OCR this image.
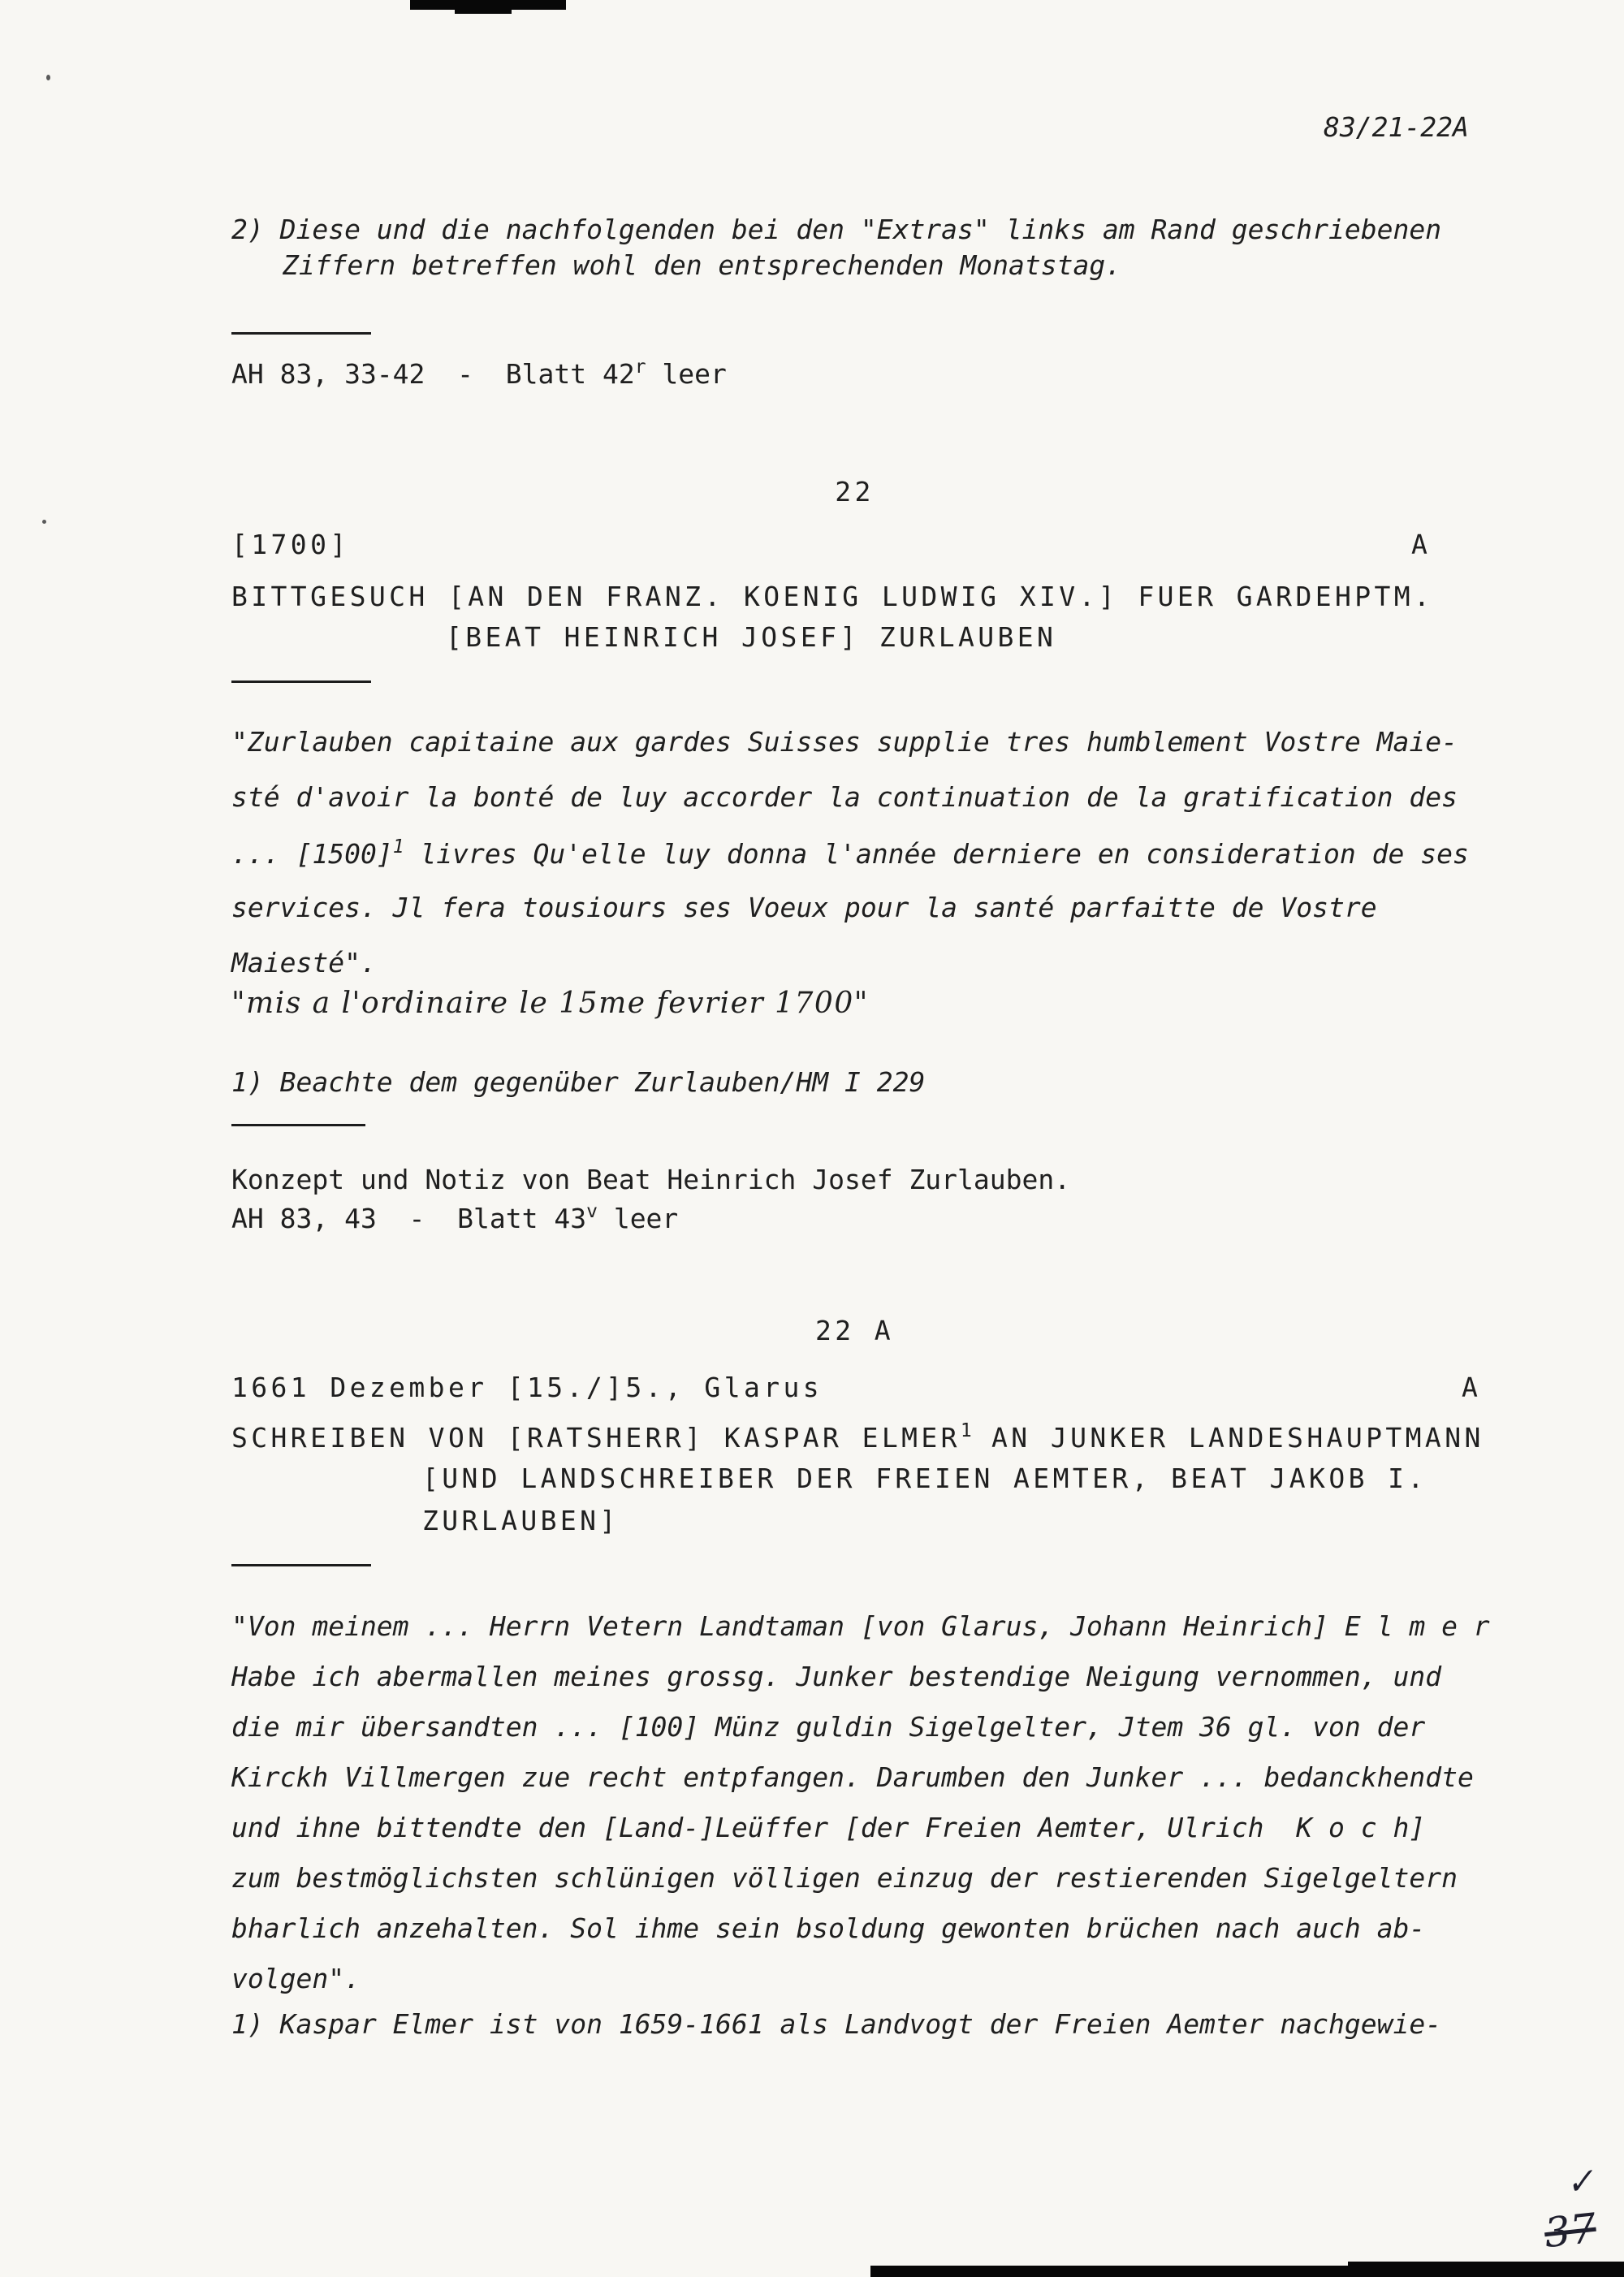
83/21-22A
2) Diese und die nachfolgenden bei den "Extras" links am Rand geschriebenen
Ziffern betreffen wohl den entsprechenden Monatstag.
AH 83, 33-42  -  Blatt 42$^r$ leer
22
[1700]	A
BITTGESUCH [AN DEN FRANZ. KOENIG LUDWIG XIV.] FUER GARDEHPTM.
[BEAT HEINRICH JOSEF] ZURLAUBEN
"Zurlauben capitaine aux gardes Suisses supplie tres humblement Vostre Maie-
sté d'avoir la bonté de luy accorder la continuation de la gratification des
... $[1500]^1$ livres Qu'elle luy donna l'année derniere en consideration de ses
services. Jl fera tousiours ses Voeux pour la santé parfaitte de Vostre
Maiesté".
"mis a l'ordinaire le 15me fevrier 1700"
1) Beachte dem gegenüber Zurlauben/HM I 229
Konzept und Notiz von Beat Heinrich Josef Zurlauben.
AH 83, 43  -  Blatt 43$^v$ leer
22 A
1661 Dezember [15./]5., Glarus	A
SCHREIBEN VON [RATSHERR] KASPAR ELMER$^1$ AN JUNKER LANDESHAUPTMANN
[UND LANDSCHREIBER DER FREIEN AEMTER, BEAT JAKOB I.
ZURLAUBEN]
"Von meinem ... Herrn Vetern Landtaman [von Glarus, Johann Heinrich] E l m e r
Habe ich abermallen meines grossg. Junker bestendige Neigung vernommen, und
die mir übersandten ... [100] Münz guldin Sigelgelter, Jtem 36 gl. von der
Kirckh Villmergen zue recht entpfangen. Darumben den Junker ... bedanckhendte
und ihne bittendte den [Land-]Leüffer [der Freien Aemter, Ulrich  K o c h]
zum bestmöglichsten schlünigen völligen einzug der restierenden Sigelgeltern
bharlich anzehalten. Sol ihme sein bsoldung gewonten brüchen nach auch ab-
volgen".
1) Kaspar Elmer ist von 1659-1661 als Landvogt der Freien Aemter nachgewie-
✓
37
